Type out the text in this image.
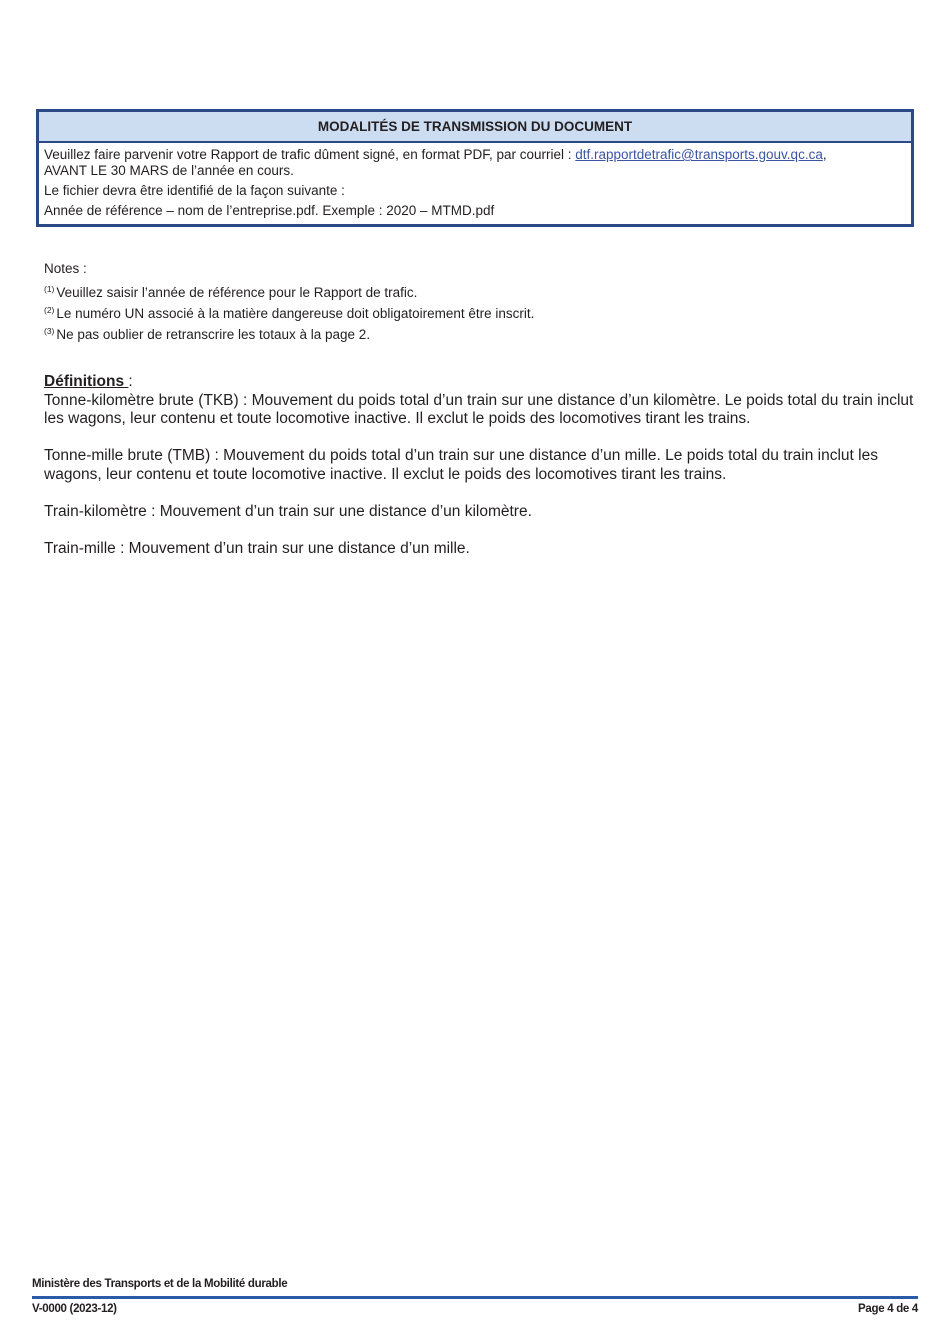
MODALITÉS DE TRANSMISSION DU DOCUMENT

Veuillez faire parvenir votre Rapport de trafic dûment signé, en format PDF, par courriel : dtf.rapportdetrafic@transports.gouv.qc.ca,
AVANT LE 30 MARS de l’année en cours.

Le fichier devra être identifié de la façon suivante :

Année de référence – nom de l’entreprise.pdf. Exemple : 2020 – MTMD.pdf

Notes :
$^{(1)}$ Veuillez saisir l’année de référence pour le Rapport de trafic.
$^{(2)}$ Le numéro UN associé à la matière dangereuse doit obligatoirement être inscrit.
$^{(3)}$ Ne pas oublier de retranscrire les totaux à la page 2.

Définitions :

Tonne-kilomètre brute (TKB) : Mouvement du poids total d’un train sur une distance d’un kilomètre. Le poids total du train inclut les wagons, leur contenu et toute locomotive inactive. Il exclut le poids des locomotives tirant les trains.

Tonne-mille brute (TMB) : Mouvement du poids total d’un train sur une distance d’un mille. Le poids total du train inclut les wagons, leur contenu et toute locomotive inactive. Il exclut le poids des locomotives tirant les trains.

Train-kilomètre : Mouvement d’un train sur une distance d’un kilomètre.

Train-mille : Mouvement d’un train sur une distance d’un mille.

Ministère des Transports et de la Mobilité durable
V-0000 (2023-12)	Page 4 de 4
